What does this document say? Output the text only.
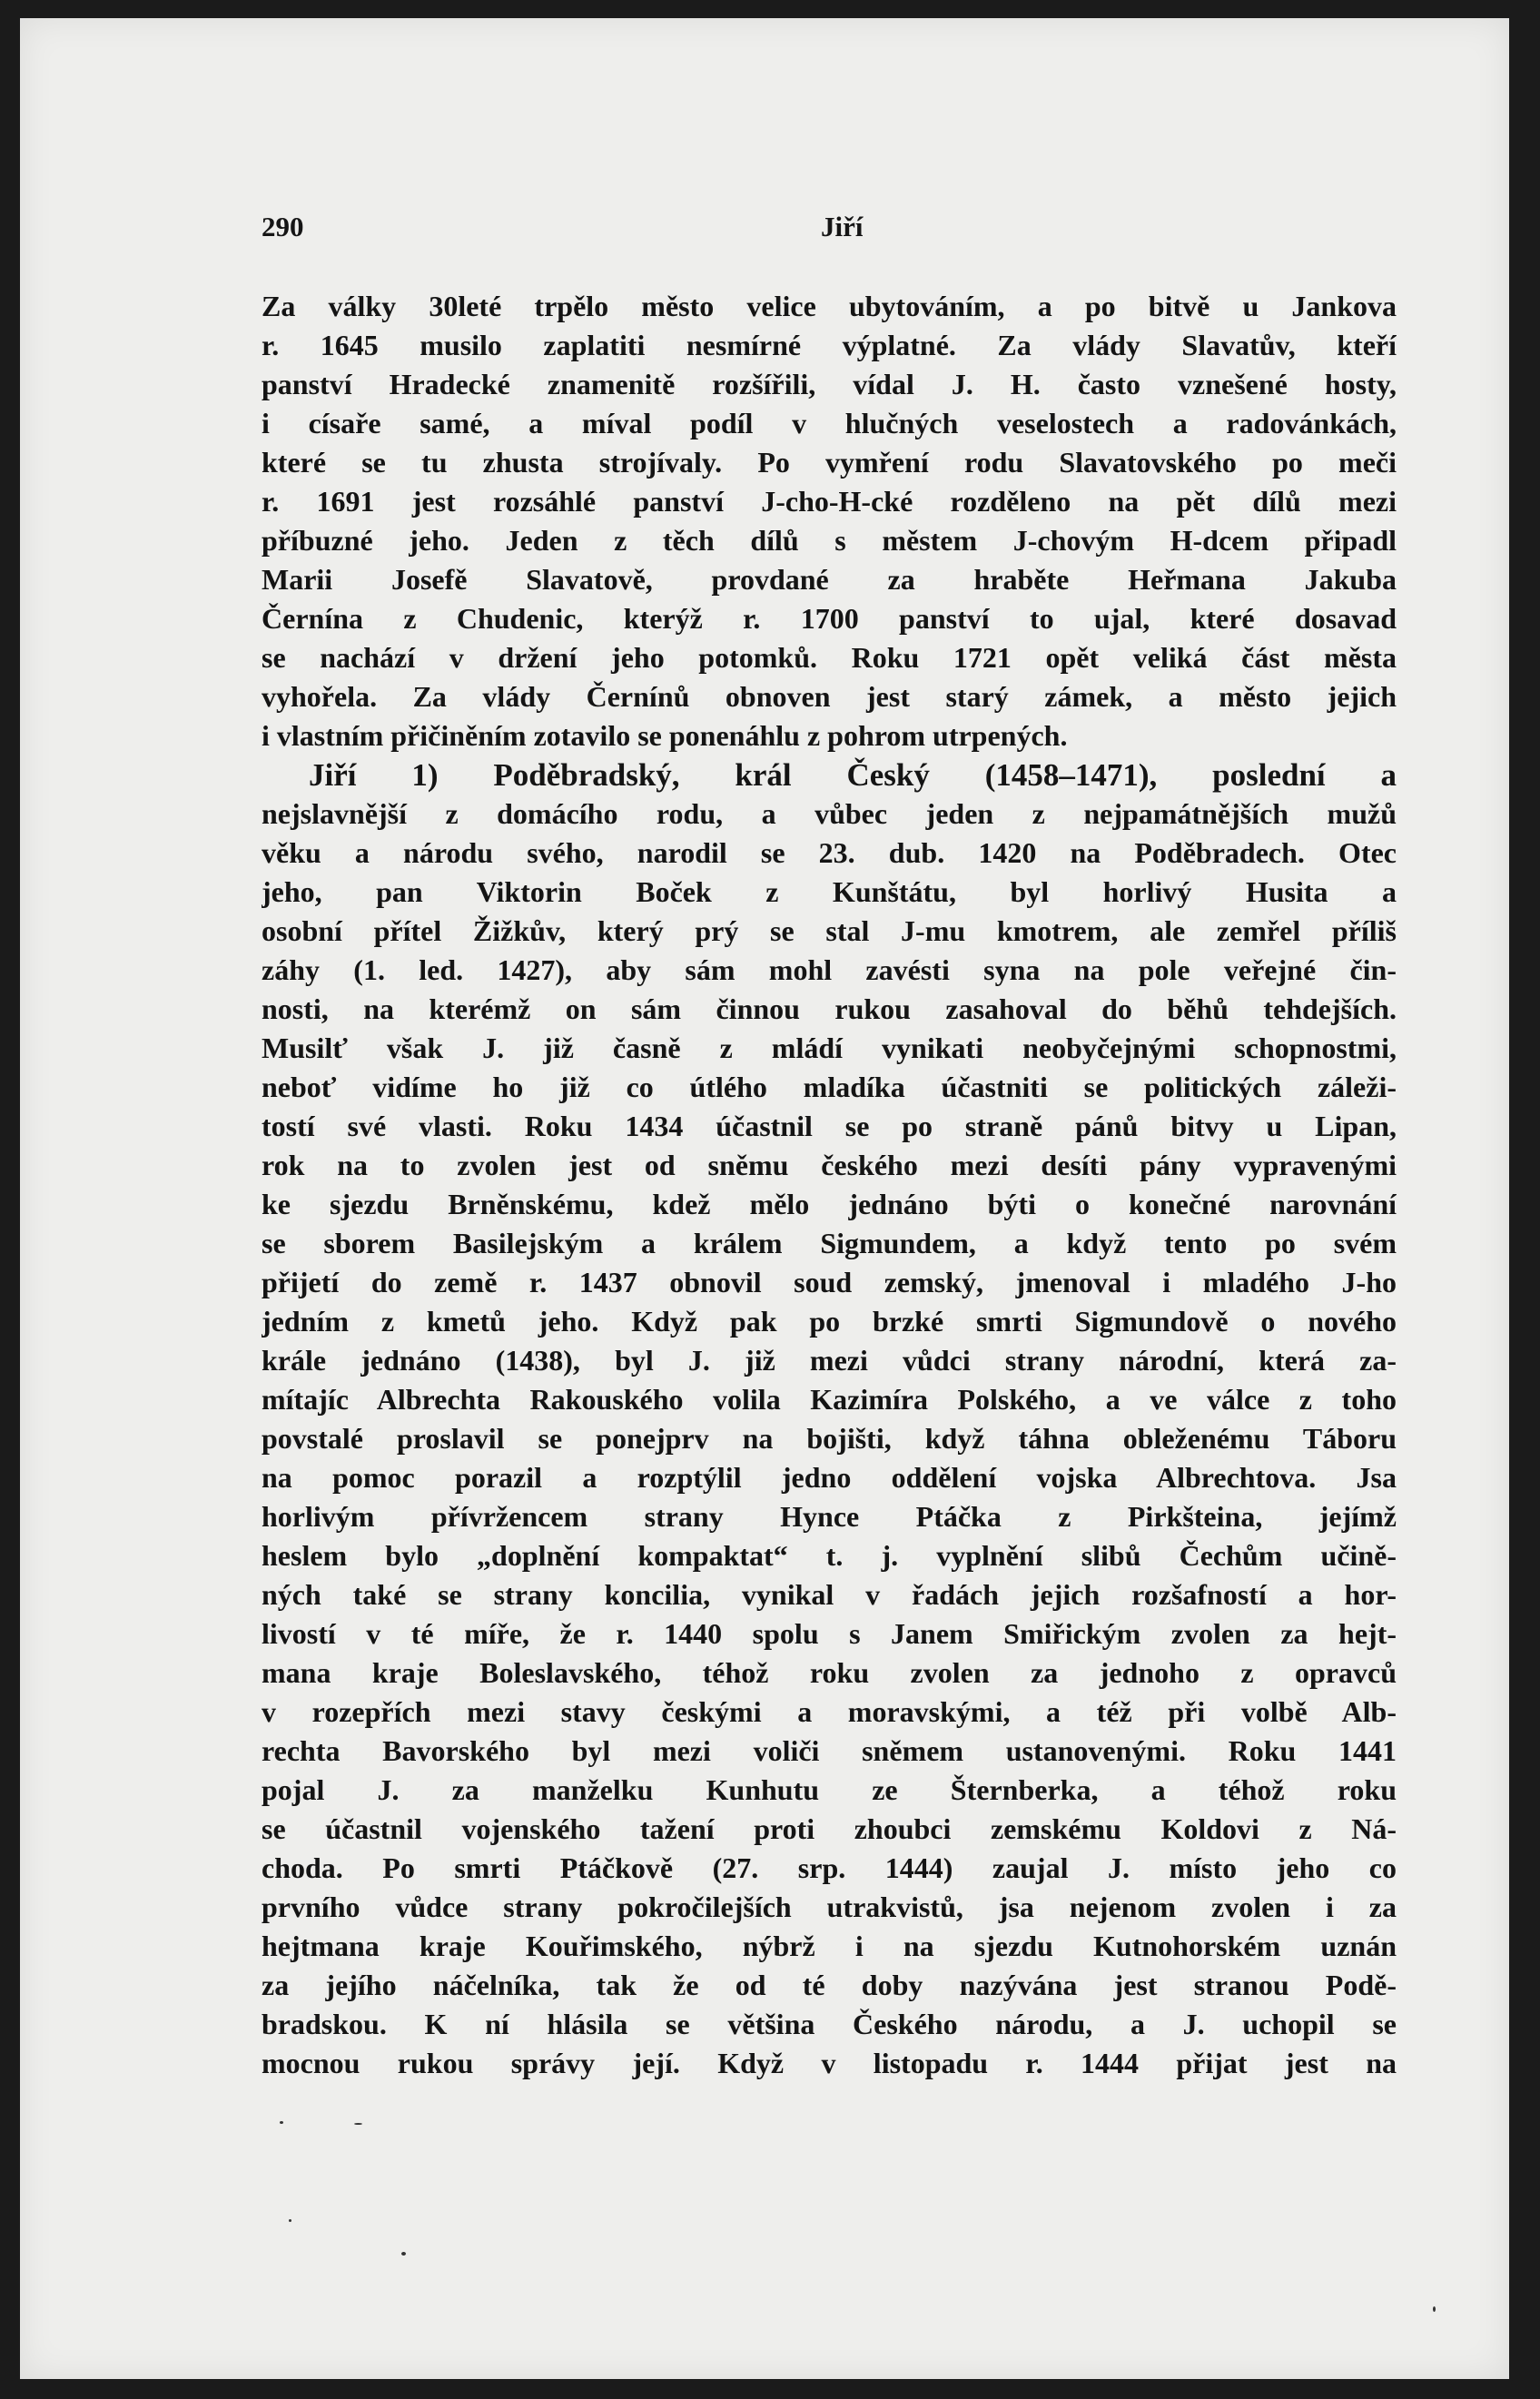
290	Jiří
Za války 30leté trpělo město velice ubytováním, a po bitvě u Jankova
r. 1645 musilo zaplatiti nesmírné výplatné. Za vlády Slavatův, kteří
panství Hradecké znamenitě rozšířili, vídal J. H. často vznešené hosty,
i císaře samé, a míval podíl v hlučných veselostech a radovánkách,
které se tu zhusta strojívaly. Po vymření rodu Slavatovského po meči
r. 1691 jest rozsáhlé panství J-cho-H-cké rozděleno na pět dílů mezi
příbuzné jeho. Jeden z těch dílů s městem J-chovým H-dcem připadl
Marii Josefě Slavatově, provdané za hraběte Heřmana Jakuba
Černína z Chudenic, kterýž r. 1700 panství to ujal, které dosavad
se nachází v držení jeho potomků. Roku 1721 opět veliká část města
vyhořela. Za vlády Černínů obnoven jest starý zámek, a město jejich
i vlastním přičiněním zotavilo se ponenáhlu z pohrom utrpených.
Jiří 1) Poděbradský, král Český (1458–1471), poslední a
nejslavnější z domácího rodu, a vůbec jeden z nejpamátnějších mužů
věku a národu svého, narodil se 23. dub. 1420 na Poděbradech. Otec
jeho, pan Viktorin Boček z Kunštátu, byl horlivý Husita a
osobní přítel Žižkův, který prý se stal J-mu kmotrem, ale zemřel příliš
záhy (1. led. 1427), aby sám mohl zavésti syna na pole veřejné čin-
nosti, na kterémž on sám činnou rukou zasahoval do běhů tehdejších.
Musilť však J. již časně z mládí vynikati neobyčejnými schopnostmi,
neboť vidíme ho již co útlého mladíka účastniti se politických záleži-
tostí své vlasti. Roku 1434 účastnil se po straně pánů bitvy u Lipan,
rok na to zvolen jest od sněmu českého mezi desíti pány vypravenými
ke sjezdu Brněnskému, kdež mělo jednáno býti o konečné narovnání
se sborem Basilejským a králem Sigmundem, a když tento po svém
přijetí do země r. 1437 obnovil soud zemský, jmenoval i mladého J-ho
jedním z kmetů jeho. Když pak po brzké smrti Sigmundově o nového
krále jednáno (1438), byl J. již mezi vůdci strany národní, která za-
mítajíc Albrechta Rakouského volila Kazimíra Polského, a ve válce z toho
povstalé proslavil se ponejprv na bojišti, když táhna obleženému Táboru
na pomoc porazil a rozptýlil jedno oddělení vojska Albrechtova. Jsa
horlivým přívržencem strany Hynce Ptáčka z Pirkšteina, jejímž
heslem bylo „doplnění kompaktat“ t. j. vyplnění slibů Čechům učině-
ných také se strany koncilia, vynikal v řadách jejich rozšafností a hor-
livostí v té míře, že r. 1440 spolu s Janem Smiřickým zvolen za hejt-
mana kraje Boleslavského, téhož roku zvolen za jednoho z opravců
v rozepřích mezi stavy českými a moravskými, a též při volbě Alb-
rechta Bavorského byl mezi voliči sněmem ustanovenými. Roku 1441
pojal J. za manželku Kunhutu ze Šternberka, a téhož roku
se účastnil vojenského tažení proti zhoubci zemskému Koldovi z Ná-
choda. Po smrti Ptáčkově (27. srp. 1444) zaujal J. místo jeho co
prvního vůdce strany pokročilejších utrakvistů, jsa nejenom zvolen i za
hejtmana kraje Kouřimského, nýbrž i na sjezdu Kutnohorském uznán
za jejího náčelníka, tak že od té doby nazývána jest stranou Podě-
bradskou. K ní hlásila se většina Českého národu, a J. uchopil se
mocnou rukou správy její. Když v listopadu r. 1444 přijat jest na
